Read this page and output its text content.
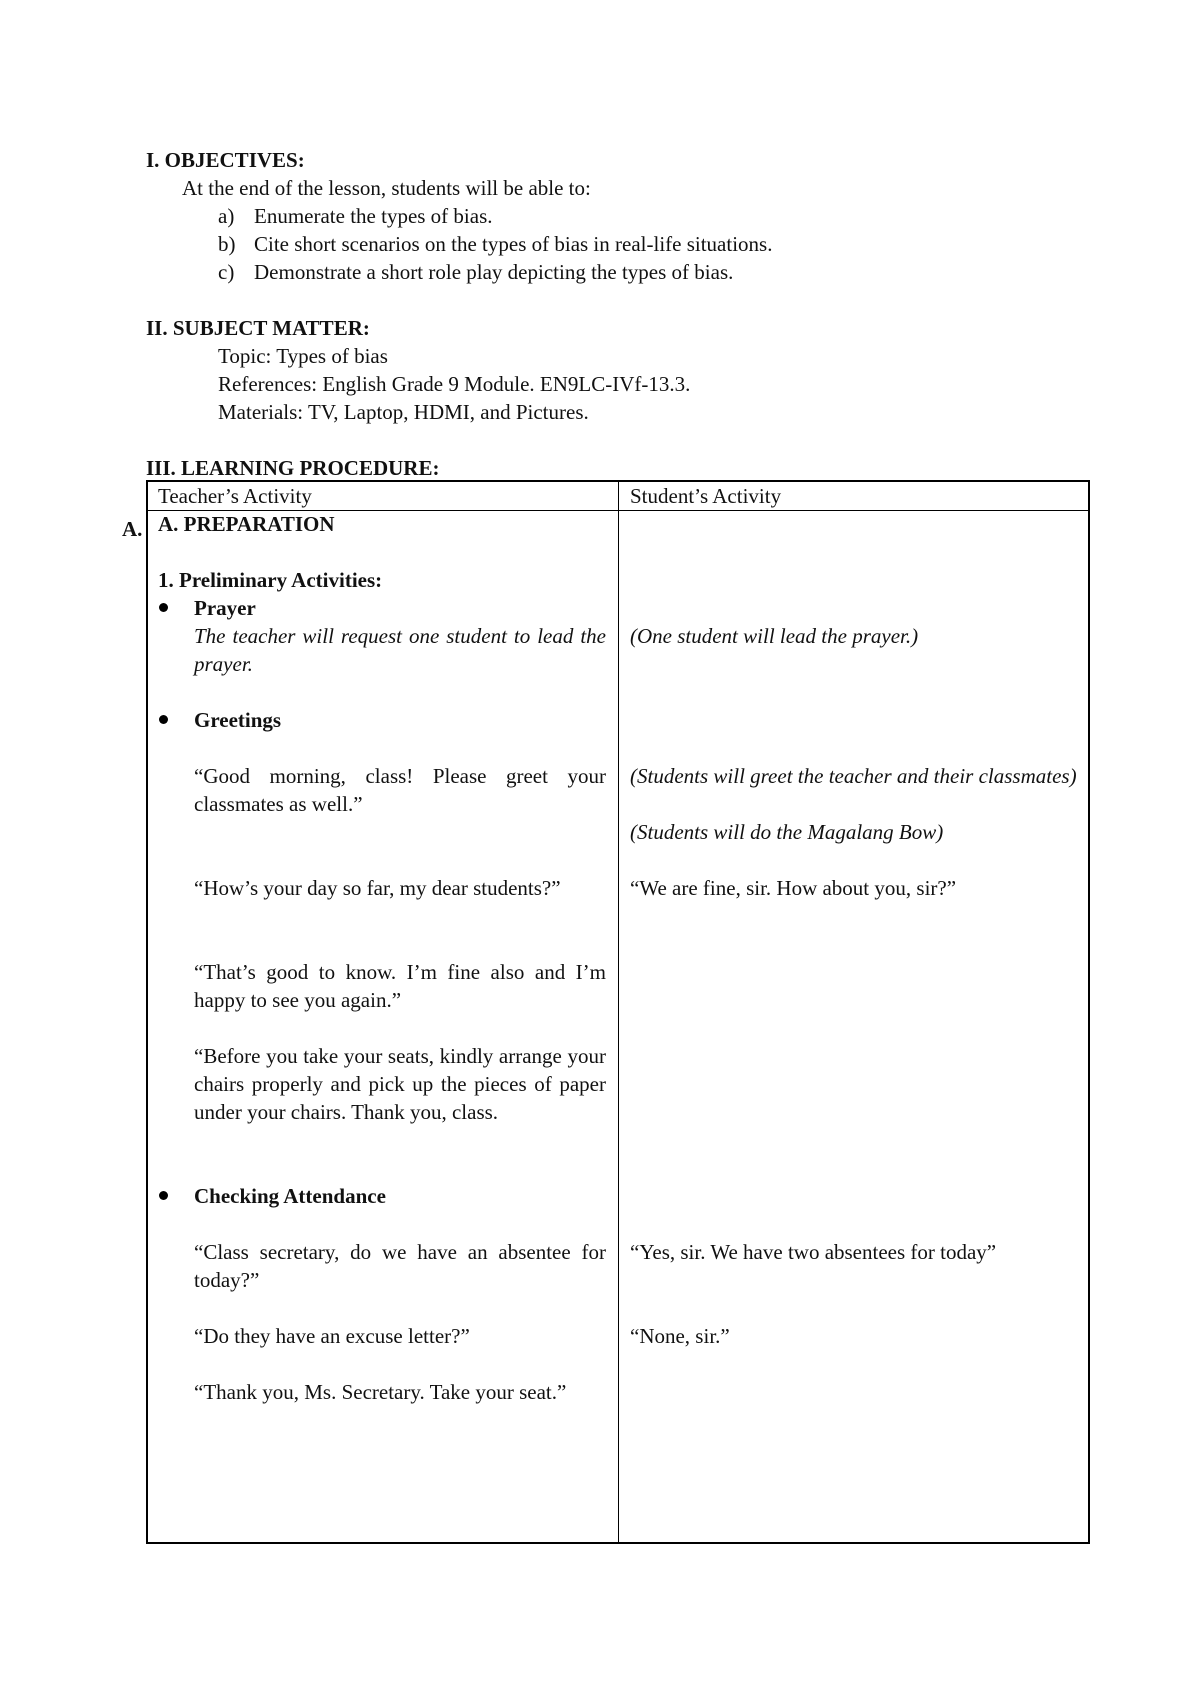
I. OBJECTIVES:
At the end of the lesson, students will be able to:
a) Enumerate the types of bias.
b) Cite short scenarios on the types of bias in real-life situations.
c) Demonstrate a short role play depicting the types of bias.
II. SUBJECT MATTER:
Topic: Types of bias
References: English Grade 9 Module. EN9LC-IVf-13.3.
Materials: TV, Laptop, HDMI, and Pictures.
III. LEARNING PROCEDURE:
A.
Teacher’s Activity	Student’s Activity
A. PREPARATION
1. Preliminary Activities:
Prayer
The teacher will request one student to lead the prayer.
Greetings
“Good morning, class! Please greet your classmates as well.”
“How’s your day so far, my dear students?”
“That’s good to know. I’m fine also and I’m happy to see you again.”
“Before you take your seats, kindly arrange your chairs properly and pick up the pieces of paper under your chairs. Thank you, class.
Checking Attendance
“Class secretary, do we have an absentee for today?”
“Do they have an excuse letter?”
“Thank you, Ms. Secretary. Take your seat.”
(One student will lead the prayer.)
(Students will greet the teacher and their classmates)
(Students will do the Magalang Bow)
“We are fine, sir. How about you, sir?”
“Yes, sir. We have two absentees for today”
“None, sir.”
